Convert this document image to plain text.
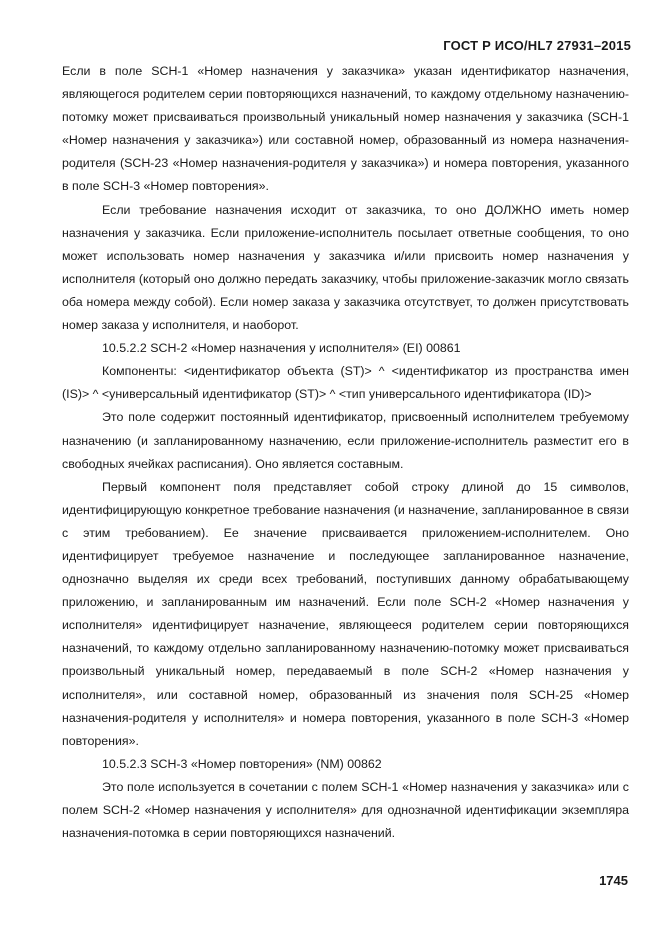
ГОСТ Р ИСО/HL7 27931–2015

Если в поле SCH-1 «Номер назначения у заказчика» указан идентификатор назначения, являющегося родителем серии повторяющихся назначений, то каждому отдельному назначению-потомку может присваиваться произвольный уникальный номер назначения у заказчика (SCH-1 «Номер назначения у заказчика») или составной номер, образованный из номера назначения-родителя (SCH-23 «Номер назначения-родителя у заказчика») и номера повторения, указанного в поле SCH-3 «Номер повторения».

Если требование назначения исходит от заказчика, то оно ДОЛЖНО иметь номер назначения у заказчика. Если приложение-исполнитель посылает ответные сообщения, то оно может использовать номер назначения у заказчика и/или присвоить номер назначения у исполнителя (который оно должно передать заказчику, чтобы приложение-заказчик могло связать оба номера между собой). Если номер заказа у заказчика отсутствует, то должен присутствовать номер заказа у исполнителя, и наоборот.

10.5.2.2 SCH-2 «Номер назначения у исполнителя» (EI) 00861

Компоненты: <идентификатор объекта (ST)> ^ <идентификатор из пространства имен (IS)> ^ <универсальный идентификатор (ST)> ^ <тип универсального идентификатора (ID)>

Это поле содержит постоянный идентификатор, присвоенный исполнителем требуемому назначению (и запланированному назначению, если приложение-исполнитель разместит его в свободных ячейках расписания). Оно является составным.

Первый компонент поля представляет собой строку длиной до 15 символов, идентифицирующую конкретное требование назначения (и назначение, запланированное в связи с этим требованием). Ее значение присваивается приложением-исполнителем. Оно идентифицирует требуемое назначение и последующее запланированное назначение, однозначно выделяя их среди всех требований, поступивших данному обрабатывающему приложению, и запланированным им назначений. Если поле SCH-2 «Номер назначения у исполнителя» идентифицирует назначение, являющееся родителем серии повторяющихся назначений, то каждому отдельно запланированному назначению-потомку может присваиваться произвольный уникальный номер, передаваемый в поле SCH-2 «Номер назначения у исполнителя», или составной номер, образованный из значения поля SCH-25 «Номер назначения-родителя у исполнителя» и номера повторения, указанного в поле SCH-3 «Номер повторения».

10.5.2.3 SCH-3 «Номер повторения» (NM) 00862

Это поле используется в сочетании с полем SCH-1 «Номер назначения у заказчика» или с полем SCH-2 «Номер назначения у исполнителя» для однозначной идентификации экземпляра назначения-потомка в серии повторяющихся назначений.

1745
